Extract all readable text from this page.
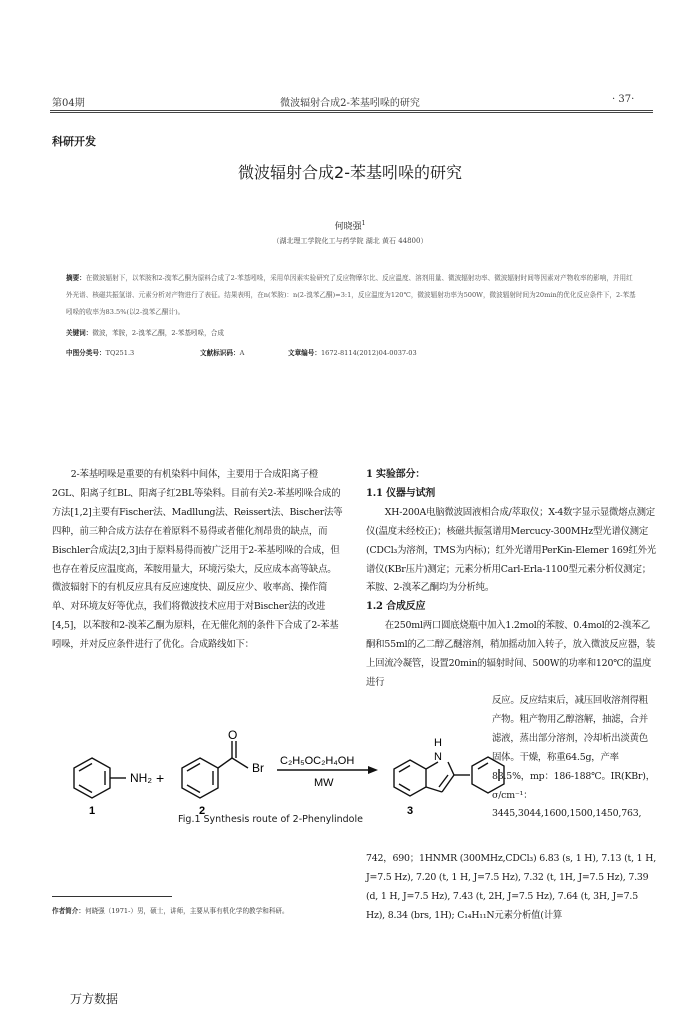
第04期	微波辐射合成2-苯基吲哚的研究	· 37·
科研开发
微波辐射合成2-苯基吲哚的研究
何晓强$^1$
（湖北理工学院化工与药学院 湖北 黄石 44800）
摘要：在微波辐射下，以苯胺和2-溴苯乙酮为原料合成了2-苯基吲哚，采用单因素实验研究了反应物摩尔比、反应温度、溶剂用量、微波辐射功率、微波辐射时间等因素对产物收率的影响，并用红外光谱、核磁共振氢谱、元素分析对产物进行了表征。结果表明，在n(苯胺)：n(2-溴苯乙酮)=3:1，反应温度为120℃，微波辐射功率为500W，微波辐射时间为20min的优化反应条件下，2-苯基吲哚的收率为83.5%(以2-溴苯乙酮计)。
关键词：微波，苯胺，2-溴苯乙酮，2-苯基吲哚，合成
中图分类号：TQ251.3	文献标识码：A	文章编号：1672-8114(2012)04-0037-03

2-苯基吲哚是重要的有机染料中间体，主要用于合成阳离子橙2GL、阳离子红BL、阳离子红2BL等染料。目前有关2-苯基吲哚合成的方法[1,2]主要有Fischer法、Madllung法、Reissert法、Bischer法等四种，前三种合成方法存在着原料不易得或者催化剂昂贵的缺点，而Bischler合成法[2,3]由于原料易得而被广泛用于2-苯基吲哚的合成，但也存在着反应温度高，苯胺用量大，环境污染大，反应成本高等缺点。微波辐射下的有机反应具有反应速度快、副反应少、收率高、操作简单、对环境友好等优点，我们将微波技术应用于对Bischer法的改进[4,5]，以苯胺和2-溴苯乙酮为原料，在无催化剂的条件下合成了2-苯基吲哚，并对反应条件进行了优化。合成路线如下：

NH₂ +
O
Br C₂H₅OC₂H₄OH
MW
H
N
1	2	3
Fig.1 Synthesis route of 2-Phenylindole
1 实验部分：
1.1 仪器与试剂

XH-200A电脑微波固液相合成/萃取仪；X-4数字显示显微熔点测定仪(温度未经校正)；核磁共振氢谱用Mercucy-300MHz型光谱仪测定(CDCl₃为溶剂，TMS为内标)；红外光谱用PerKin-Elemer 169红外光谱仪(KBr压片)测定；元素分析用Carl-Erla-1100型元素分析仪测定；苯胺、2-溴苯乙酮均为分析纯。

1.2 合成反应

在250ml两口圆底烧瓶中加入1.2mol的苯胺、0.4mol的2-溴苯乙酮和55ml的乙二醇乙醚溶剂，稍加摇动加入转子，放入微波反应器，装上回流冷凝管，设置20min的辐射时间、500W的功率和120℃的温度进行

反应。反应结束后，减压回收溶剂得粗产物。粗产物用乙醇溶解，抽滤，合并滤液，蒸出部分溶剂，冷却析出淡黄色固体。干燥，称重64.5g，产率83.5%，mp：186-188℃。IR(KBr)，σ/cm⁻¹：3445,3044,1600,1500,1450,763,
742，690；1HNMR (300MHz,CDCl₃) 6.83 (s, 1 H), 7.13 (t, 1 H, J=7.5 Hz), 7.20 (t, 1 H, J=7.5 Hz), 7.32 (t, 1H, J=7.5 Hz), 7.39 (d, 1 H, J=7.5 Hz), 7.43 (t, 2H, J=7.5 Hz), 7.64 (t, 3H, J=7.5 Hz), 8.34 (brs, 1H); C₁₄H₁₁N元素分析值(计算
作者简介：何晓强（1971-）男，硕士，讲师，主要从事有机化学的教学和科研。
万方数据
